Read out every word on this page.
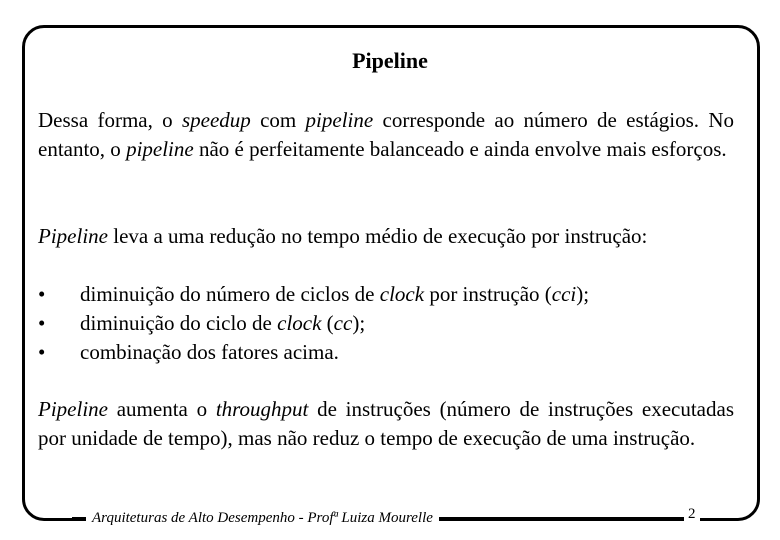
Pipeline

Dessa forma, o speedup com pipeline corresponde ao número de estágios. No entanto, o pipeline não é perfeitamente balanceado e ainda envolve mais esforços.

Pipeline leva a uma redução no tempo médio de execução por instrução:

• diminuição do número de ciclos de clock por instrução (cci);
• diminuição do ciclo de clock (cc);
• combinação dos fatores acima.

Pipeline aumenta o throughput de instruções (número de instruções executadas por unidade de tempo), mas não reduz o tempo de execução de uma instrução.

Arquiteturas de Alto Desempenho - Profª Luiza Mourelle	2
